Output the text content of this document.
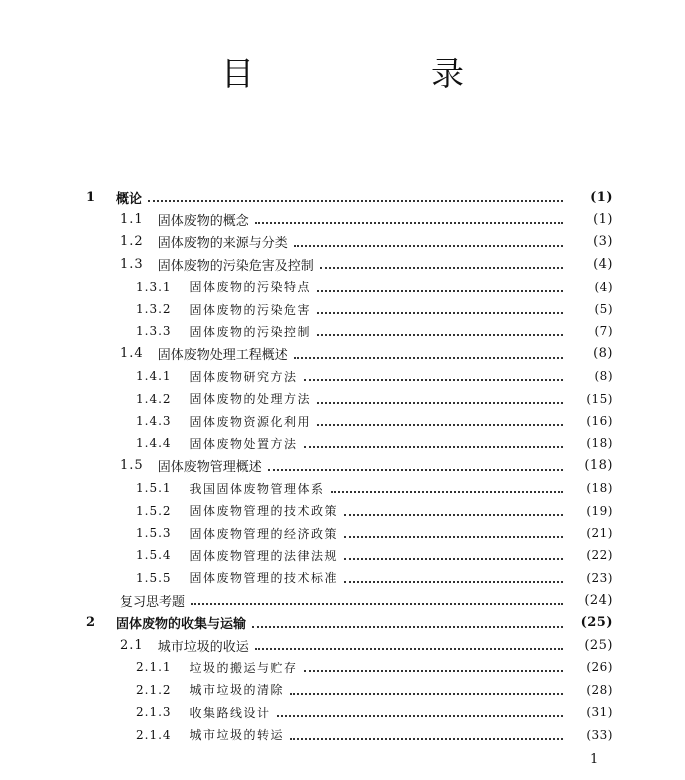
目　录
1	概论	(1)
1.1 固体废物的概念	(1)
1.2 固体废物的来源与分类	(3)
1.3 固体废物的污染危害及控制	(4)
1.3.1 固体废物的污染特点	(4)
1.3.2 固体废物的污染危害	(5)
1.3.3 固体废物的污染控制	(7)
1.4 固体废物处理工程概述	(8)
1.4.1 固体废物研究方法	(8)
1.4.2 固体废物的处理方法	(15)
1.4.3 固体废物资源化利用	(16)
1.4.4 固体废物处置方法	(18)
1.5 固体废物管理概述	(18)
1.5.1 我国固体废物管理体系	(18)
1.5.2 固体废物管理的技术政策	(19)
1.5.3 固体废物管理的经济政策	(21)
1.5.4 固体废物管理的法律法规	(22)
1.5.5 固体废物管理的技术标准	(23)
复习思考题	(24)
2	固体废物的收集与运输	(25)
2.1 城市垃圾的收运	(25)
2.1.1 垃圾的搬运与贮存	(26)
2.1.2 城市垃圾的清除	(28)
2.1.3 收集路线设计	(31)
2.1.4 城市垃圾的转运	(33)
1
